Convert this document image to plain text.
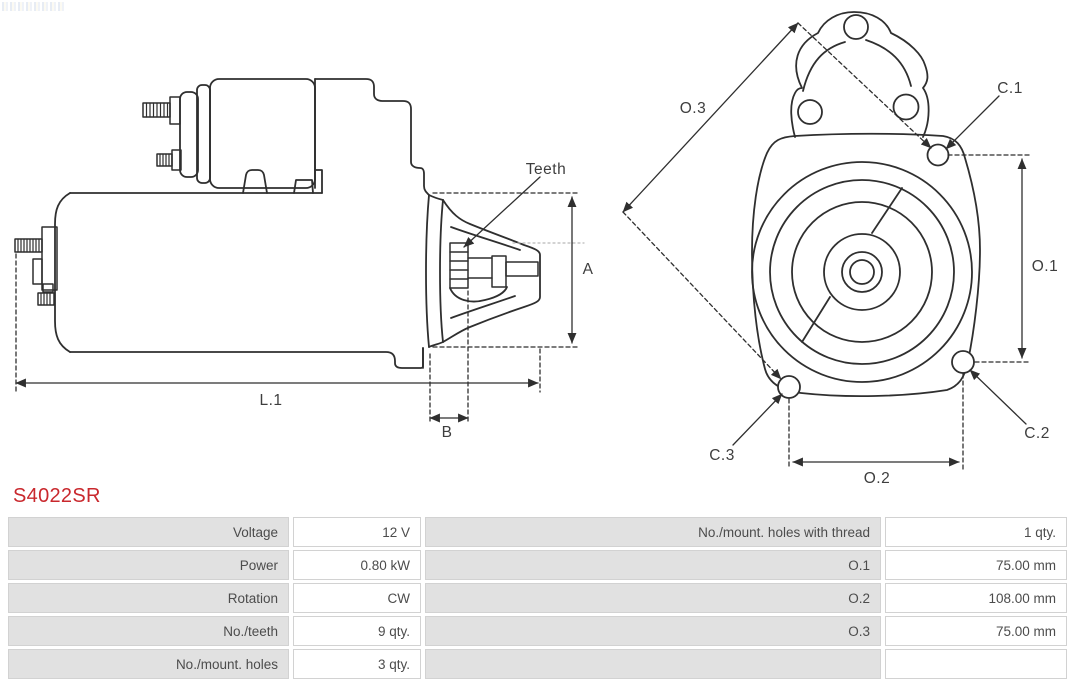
Teeth
A
L.1
B
O.3
C.1
O.1
C.2
C.3
O.2
S4022SR
Voltage	12 V	No./mount. holes with thread	1 qty.
Power	0.80 kW	O.1	75.00 mm
Rotation	CW	O.2	108.00 mm
No./teeth	9 qty.	O.3	75.00 mm
No./mount. holes	3 qty.
